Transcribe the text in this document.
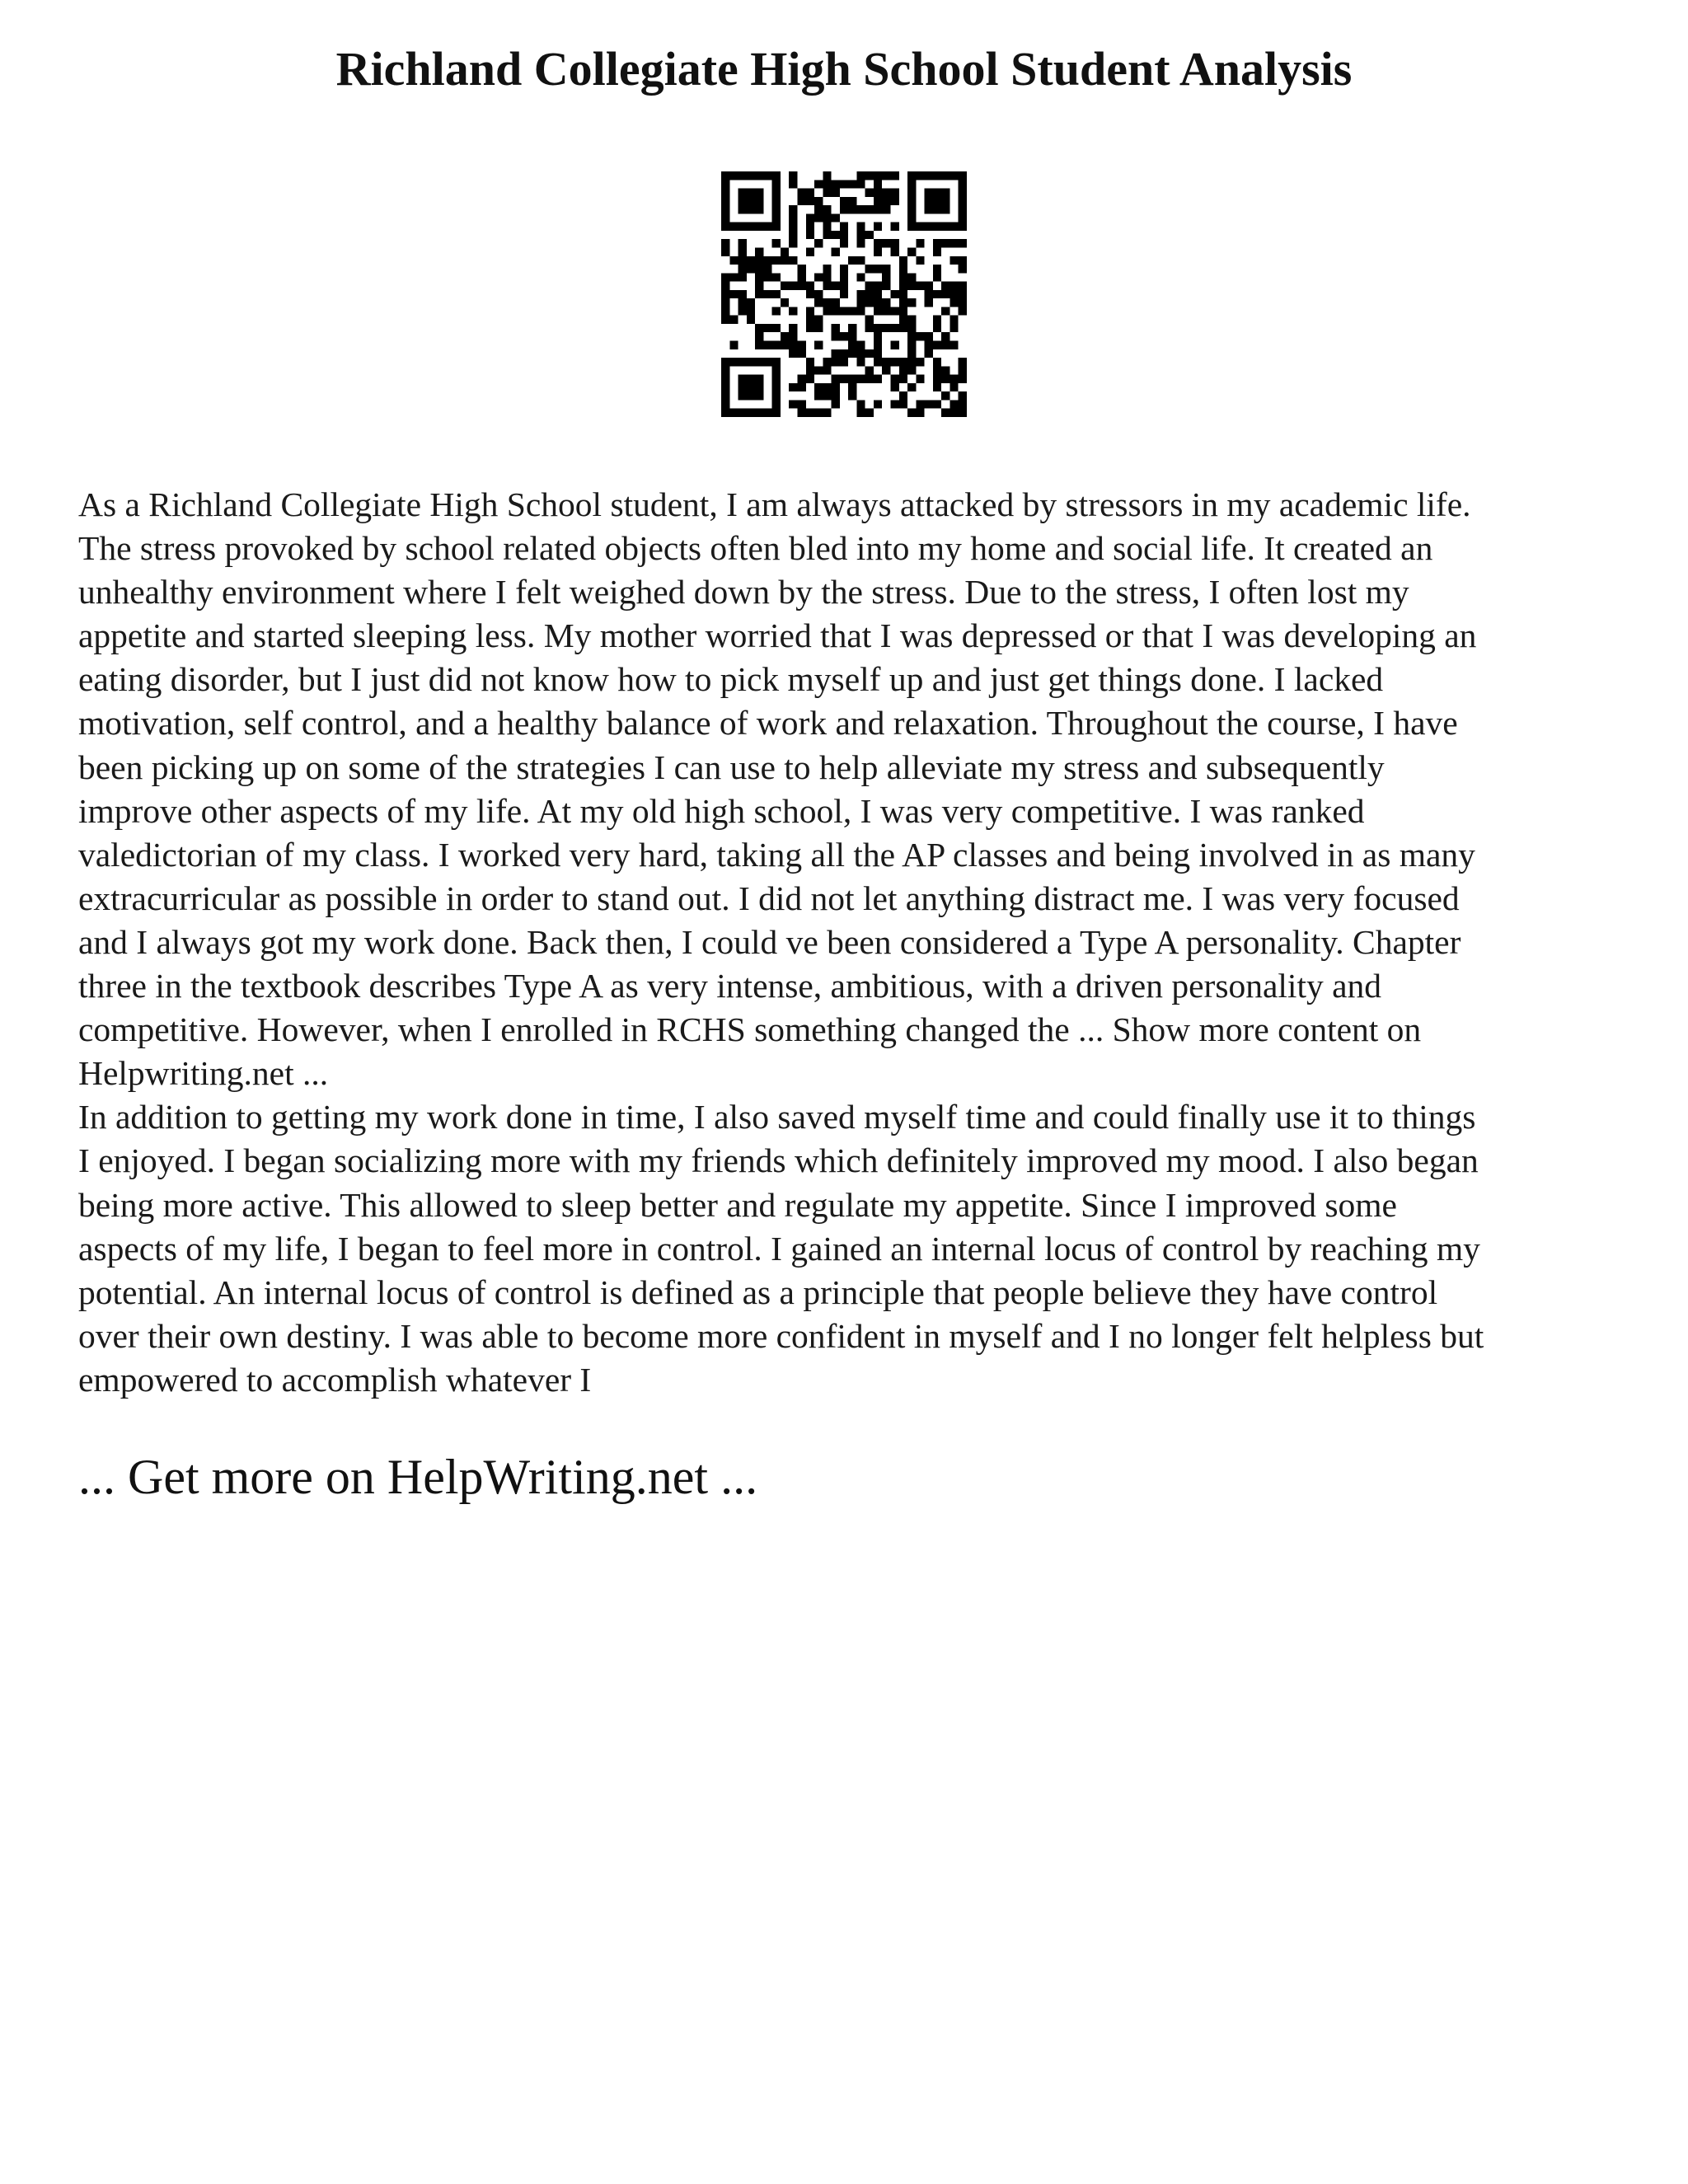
Richland Collegiate High School Student Analysis

As a Richland Collegiate High School student, I am always attacked by stressors in my academic life.
The stress provoked by school related objects often bled into my home and social life. It created an
unhealthy environment where I felt weighed down by the stress. Due to the stress, I often lost my
appetite and started sleeping less. My mother worried that I was depressed or that I was developing an
eating disorder, but I just did not know how to pick myself up and just get things done. I lacked
motivation, self control, and a healthy balance of work and relaxation. Throughout the course, I have
been picking up on some of the strategies I can use to help alleviate my stress and subsequently
improve other aspects of my life. At my old high school, I was very competitive. I was ranked
valedictorian of my class. I worked very hard, taking all the AP classes and being involved in as many
extracurricular as possible in order to stand out. I did not let anything distract me. I was very focused
and I always got my work done. Back then, I could ve been considered a Type A personality. Chapter
three in the textbook describes Type A as very intense, ambitious, with a driven personality and
competitive. However, when I enrolled in RCHS something changed the ... Show more content on
Helpwriting.net ...

In addition to getting my work done in time, I also saved myself time and could finally use it to things
I enjoyed. I began socializing more with my friends which definitely improved my mood. I also began
being more active. This allowed to sleep better and regulate my appetite. Since I improved some
aspects of my life, I began to feel more in control. I gained an internal locus of control by reaching my
potential. An internal locus of control is defined as a principle that people believe they have control
over their own destiny. I was able to become more confident in myself and I no longer felt helpless but
empowered to accomplish whatever I

... Get more on HelpWriting.net ...
